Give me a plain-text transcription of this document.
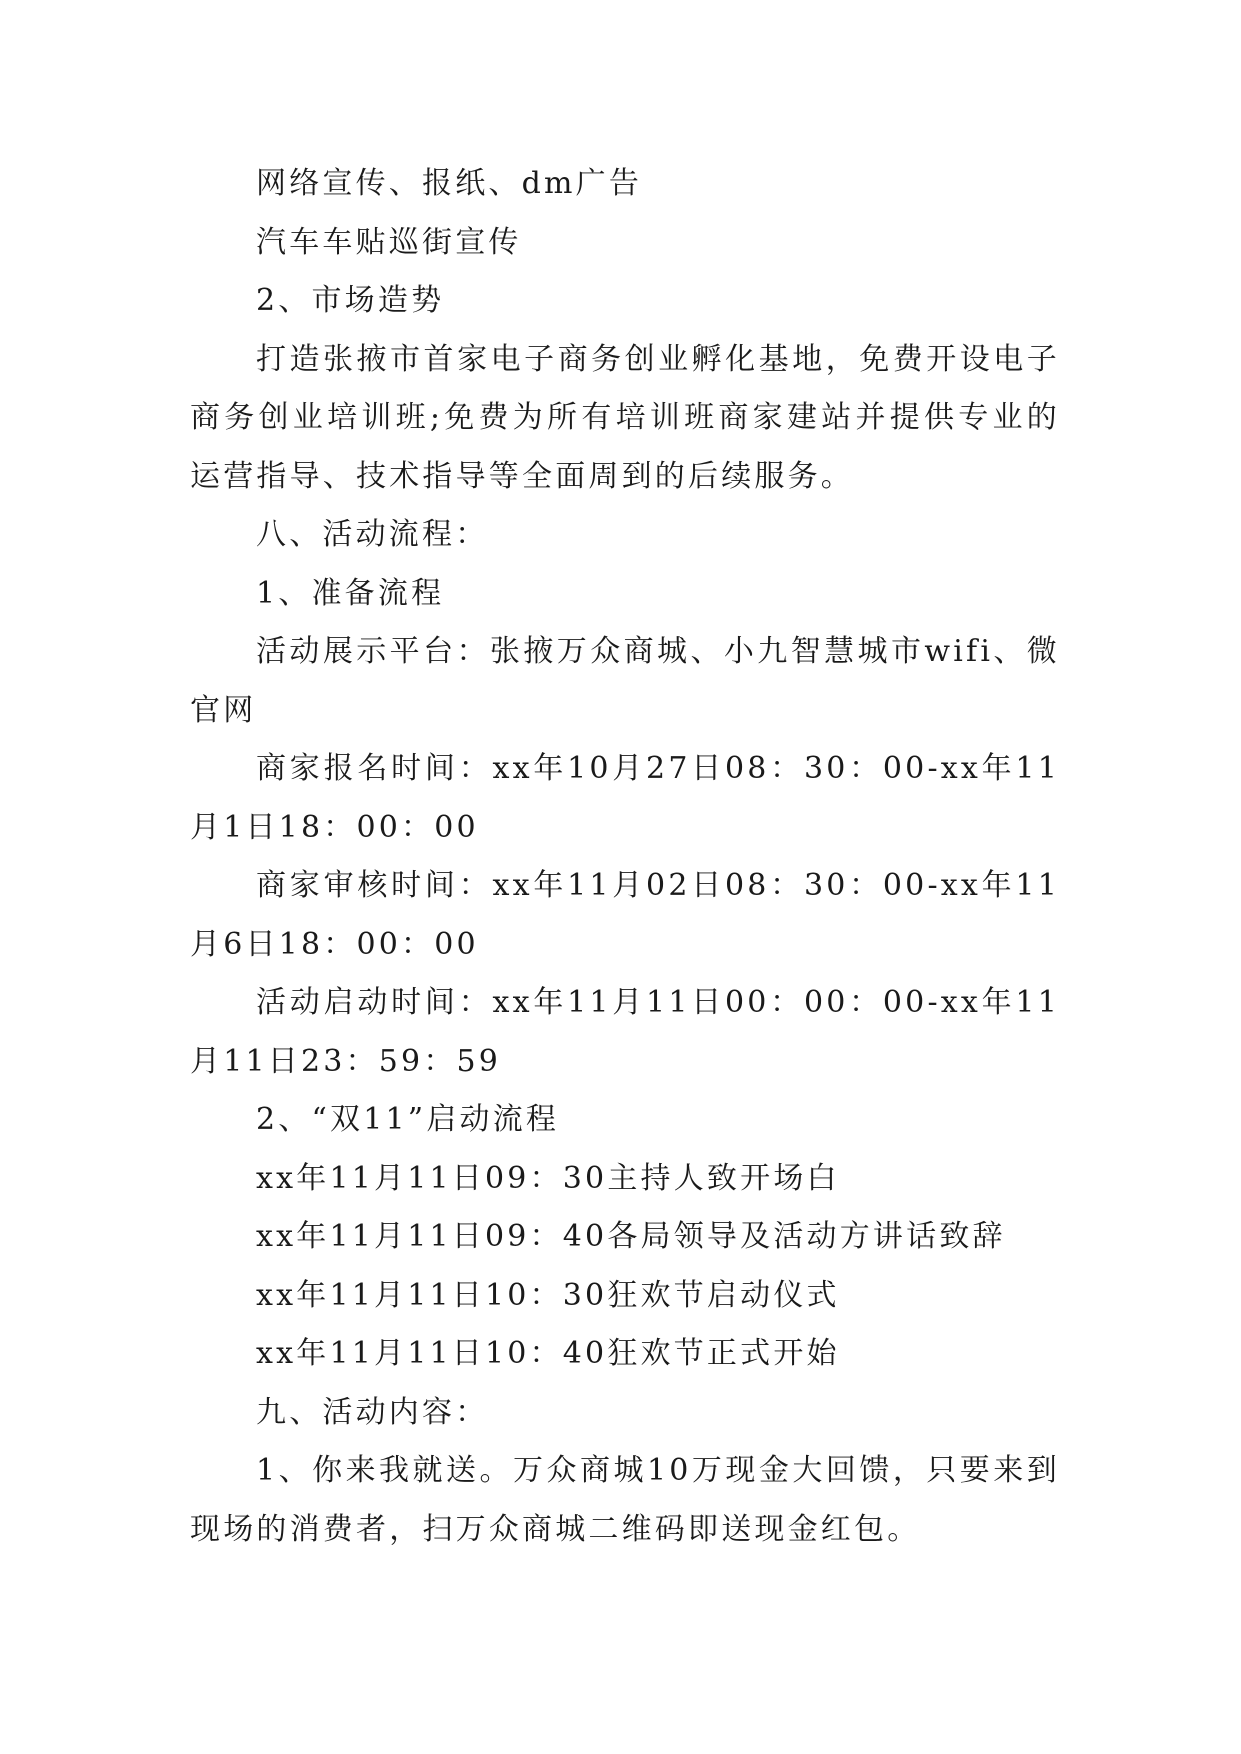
网络宣传、报纸、dm广告

汽车车贴巡街宣传

2、市场造势

打造张掖市首家电子商务创业孵化基地，免费开设电子商务创业培训班;免费为所有培训班商家建站并提供专业的运营指导、技术指导等全面周到的后续服务。

八、活动流程：

1、准备流程

活动展示平台：张掖万众商城、小九智慧城市wifi、微官网

商家报名时间：xx年10月27日08：30：00-xx年11月1日18：00：00

商家审核时间：xx年11月02日08：30：00-xx年11月6日18：00：00

活动启动时间：xx年11月11日00：00：00-xx年11月11日23：59：59

2、“双11”启动流程

xx年11月11日09：30主持人致开场白

xx年11月11日09：40各局领导及活动方讲话致辞

xx年11月11日10：30狂欢节启动仪式

xx年11月11日10：40狂欢节正式开始

九、活动内容：

1、你来我就送。万众商城10万现金大回馈，只要来到现场的消费者，扫万众商城二维码即送现金红包。
